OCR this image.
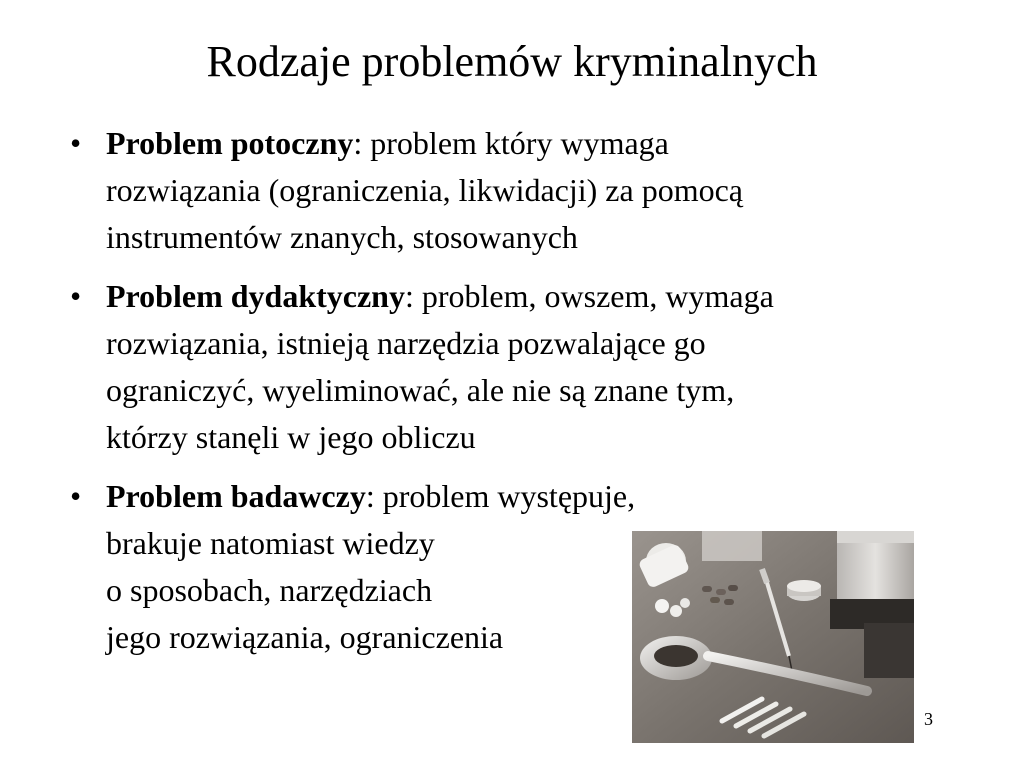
Rodzaje problemów kryminalnych
• Problem potoczny: problem który wymaga
rozwiązania (ograniczenia, likwidacji) za pomocą
instrumentów znanych, stosowanych
• Problem dydaktyczny: problem, owszem, wymaga
rozwiązania, istnieją narzędzia pozwalające go
ograniczyć, wyeliminować, ale nie są znane tym,
którzy stanęli w jego obliczu
• Problem badawczy: problem występuje,
brakuje natomiast wiedzy
o sposobach, narzędziach
jego rozwiązania, ograniczenia
3
